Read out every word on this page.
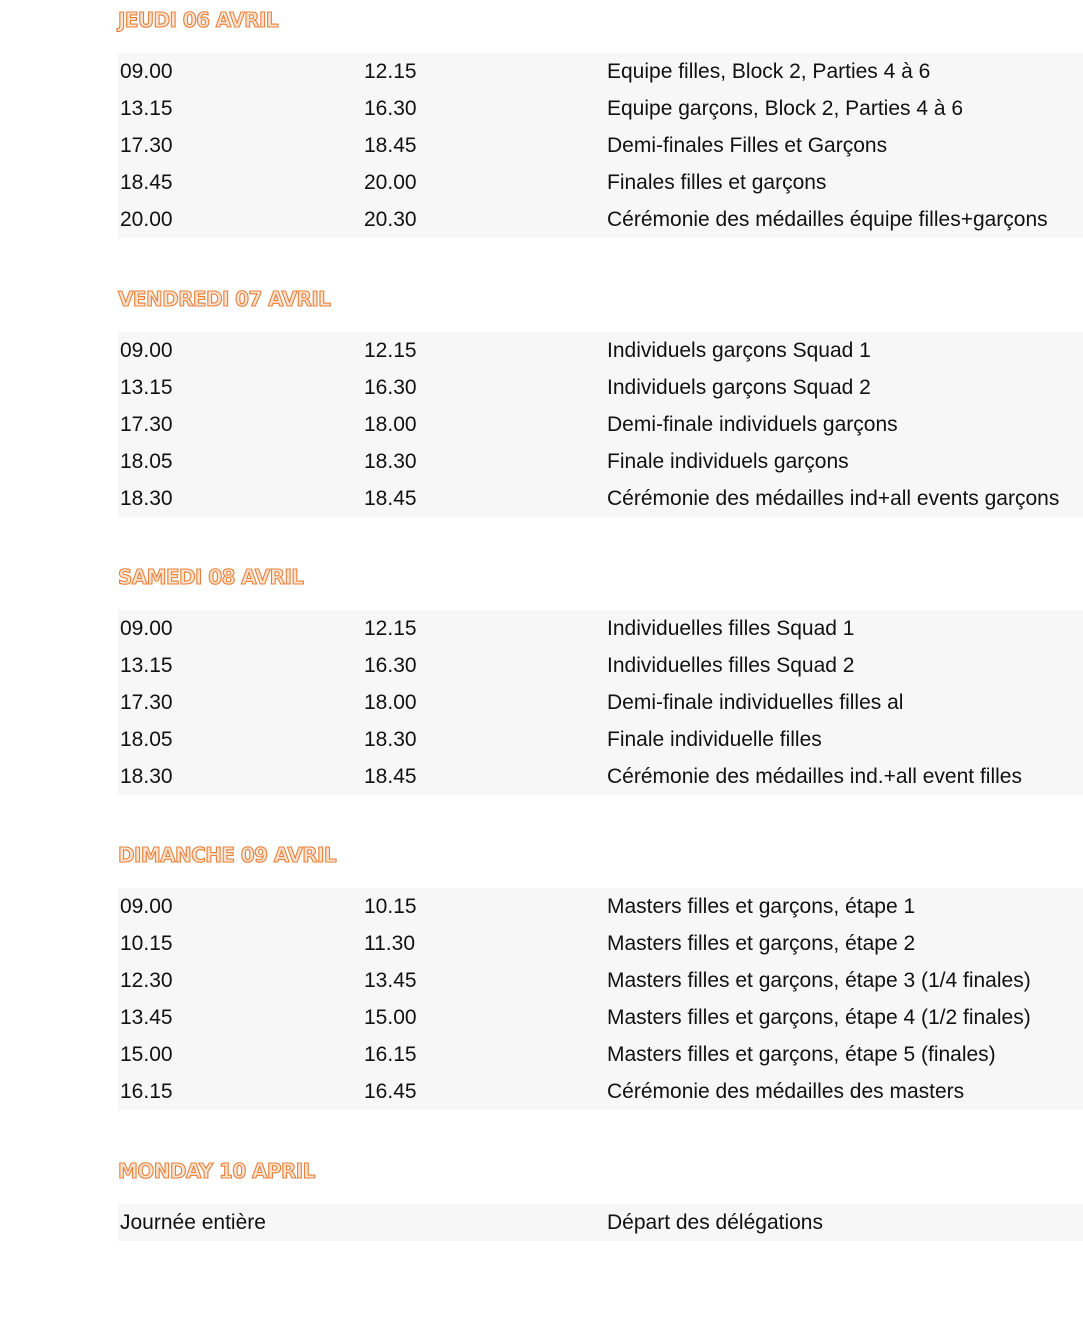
JEUDI 06 AVRIL
09.00	12.15	Equipe filles, Block 2, Parties 4 à 6
13.15	16.30	Equipe garçons, Block 2, Parties 4 à 6
17.30	18.45	Demi-finales Filles et Garçons
18.45	20.00	Finales filles et garçons
20.00	20.30	Cérémonie des médailles équipe filles+garçons
VENDREDI 07 AVRIL
09.00	12.15	Individuels garçons Squad 1
13.15	16.30	Individuels garçons Squad 2
17.30	18.00	Demi-finale individuels garçons
18.05	18.30	Finale individuels garçons
18.30	18.45	Cérémonie des médailles ind+all events garçons
SAMEDI 08 AVRIL
09.00	12.15	Individuelles filles Squad 1
13.15	16.30	Individuelles filles Squad 2
17.30	18.00	Demi-finale individuelles filles al
18.05	18.30	Finale individuelle filles
18.30	18.45	Cérémonie des médailles ind.+all event filles
DIMANCHE 09 AVRIL
09.00	10.15	Masters filles et garçons, étape 1
10.15	11.30	Masters filles et garçons, étape 2
12.30	13.45	Masters filles et garçons, étape 3 (1/4 finales)
13.45	15.00	Masters filles et garçons, étape 4 (1/2 finales)
15.00	16.15	Masters filles et garçons, étape 5 (finales)
16.15	16.45	Cérémonie des médailles des masters
MONDAY 10 APRIL
Journée entière	Départ des délégations
